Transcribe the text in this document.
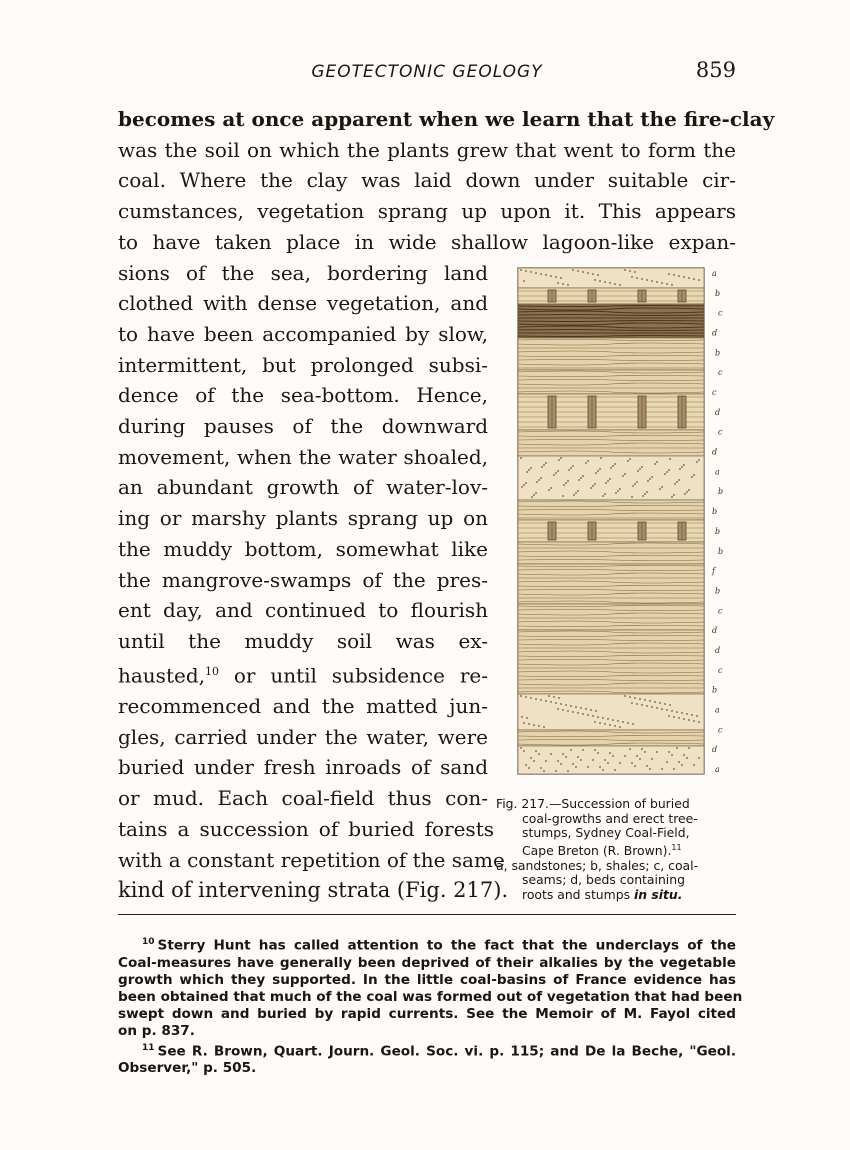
GEOTECTONIC GEOLOGY	859
becomes at once apparent when we learn that the fire-clay
was the soil on which the plants grew that went to form the
coal. Where the clay was laid down under suitable cir-
cumstances, vegetation sprang up upon it. This appears
to have taken place in wide shallow lagoon-like expan-
sions of the sea, bordering land
clothed with dense vegetation, and
to have been accompanied by slow,
intermittent, but prolonged subsi-
dence of the sea-bottom. Hence,
during pauses of the downward
movement, when the water shoaled,
an abundant growth of water-lov-
ing or marshy plants sprang up on
the muddy bottom, somewhat like
the mangrove-swamps of the pres-
ent day, and continued to flourish
until the muddy soil was ex-
hausted,$^{10}$ or until subsidence re-
recommenced and the matted jun-
gles, carried under the water, were
buried under fresh inroads of sand
or mud. Each coal-field thus con-
tains a succession of buried forests
with a constant repetition of the same
kind of intervening strata (Fig. 217).
a
b
c
d
b
c
c
d
c
d
a
b
b
b
b
f
b
c
d
d
c
b
a
c
d
a
Fig. 217.—Succession of buried
coal-growths and erect tree-
stumps, Sydney Coal-Field,
Cape Breton (R. Brown).$^{11}$
a, sandstones; b, shales; c, coal-
seams; d, beds containing
roots and stumps in situ.
$^{10}$ Sterry Hunt has called attention to the fact that the underclays of the
Coal-measures have generally been deprived of their alkalies by the vegetable
growth which they supported. In the little coal-basins of France evidence has
been obtained that much of the coal was formed out of vegetation that had been
swept down and buried by rapid currents. See the Memoir of M. Fayol cited
on p. 837.
$^{11}$ See R. Brown, Quart. Journ. Geol. Soc. vi. p. 115; and De la Beche, "Geol.
Observer," p. 505.
